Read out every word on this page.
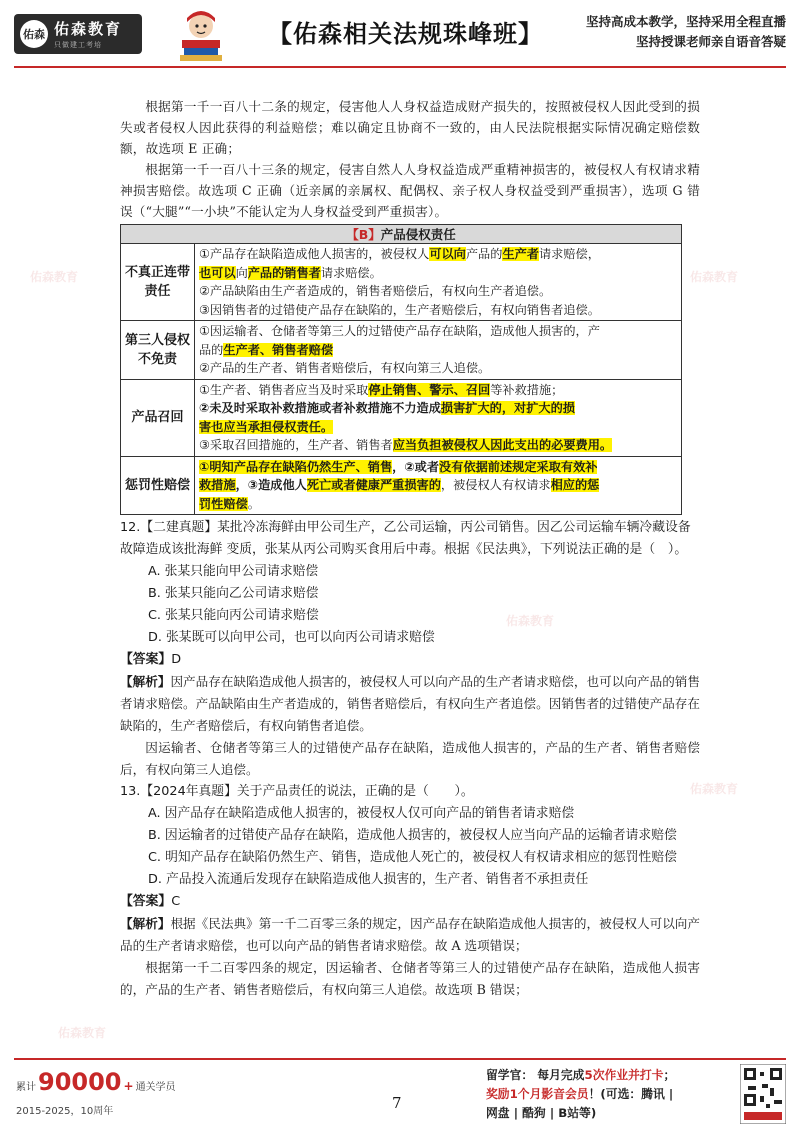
佑森 佑森教育
只做建工考培	【佑森相关法规珠峰班】	坚持高成本教学，坚持采用全程直播
坚持授课老师亲自语音答疑
佑森教育
佑森教育
佑森教育
佑森教育
佑森教育

根据第一千一百八十二条的规定，侵害他人人身权益造成财产损失的，按照被侵权人因此受到的损失或者侵权人因此获得的利益赔偿；难以确定且协商不一致的，由人民法院根据实际情况确定赔偿数额，故选项 E 正确；

根据第一千一百八十三条的规定，侵害自然人人身权益造成严重精神损害的，被侵权人有权请求精神损害赔偿。故选项 C 正确（近亲属的亲属权、配偶权、亲子权人身权益受到严重损害），选项 G 错误（“大腿”“一小块”不能认定为人身权益受到严重损害）。

【B】产品侵权责任	
不真正连带责任	①产品存在缺陷造成他人损害的，被侵权人可以向产品的生产者请求赔偿，
也可以向产品的销售者请求赔偿。
②产品缺陷由生产者造成的，销售者赔偿后，有权向生产者追偿。
③因销售者的过错使产品存在缺陷的，生产者赔偿后，有权向销售者追偿。

第三人侵权不免责	①因运输者、仓储者等第三人的过错使产品存在缺陷，造成他人损害的，产
品的生产者、销售者赔偿
②产品的生产者、销售者赔偿后，有权向第三人追偿。

产品召回	①生产者、销售者应当及时采取停止销售、警示、召回等补救措施；
②未及时采取补救措施或者补救措施不力造成损害扩大的，对扩大的损
害也应当承担侵权责任。
③采取召回措施的，生产者、销售者应当负担被侵权人因此支出的必要费用。

惩罚性赔偿	①明知产品存在缺陷仍然生产、销售，②或者没有依据前述规定采取有效补
救措施，③造成他人死亡或者健康严重损害的，被侵权人有权请求相应的惩
罚性赔偿。

12.【二建真题】某批冷冻海鲜由甲公司生产，乙公司运输，丙公司销售。因乙公司运输车辆冷藏设备故障造成该批海鲜 变质，张某从丙公司购买食用后中毒。根据《民法典》，下列说法正确的是（　）。

A. 张某只能向甲公司请求赔偿

B. 张某只能向乙公司请求赔偿

C. 张某只能向丙公司请求赔偿

D. 张某既可以向甲公司，也可以向丙公司请求赔偿

【答案】D

【解析】因产品存在缺陷造成他人损害的，被侵权人可以向产品的生产者请求赔偿，也可以向产品的销售者请求赔偿。产品缺陷由生产者造成的，销售者赔偿后，有权向生产者追偿。因销售者的过错使产品存在缺陷的，生产者赔偿后，有权向销售者追偿。

因运输者、仓储者等第三人的过错使产品存在缺陷，造成他人损害的，产品的生产者、销售者赔偿后，有权向第三人追偿。

13.【2024年真题】关于产品责任的说法，正确的是（　　）。

A. 因产品存在缺陷造成他人损害的，被侵权人仅可向产品的销售者请求赔偿

B. 因运输者的过错使产品存在缺陷，造成他人损害的，被侵权人应当向产品的运输者请求赔偿

C. 明知产品存在缺陷仍然生产、销售，造成他人死亡的，被侵权人有权请求相应的惩罚性赔偿

D. 产品投入流通后发现存在缺陷造成他人损害的，生产者、销售者不承担责任

【答案】C

【解析】根据《民法典》第一千二百零三条的规定，因产品存在缺陷造成他人损害的，被侵权人可以向产品的生产者请求赔偿，也可以向产品的销售者请求赔偿。故 A 选项错误；

根据第一千二百零四条的规定，因运输者、仓储者等第三人的过错使产品存在缺陷，造成他人损害的，产品的生产者、销售者赔偿后，有权向第三人追偿。故选项 B 错误；

累计 90000 + 通关学员
2015-2025，10周年	7
留学官： 每月完成5次作业并打卡；
奖励1个月影音会员！(可选：腾讯 |
网盘 | 酷狗 | B站等)
